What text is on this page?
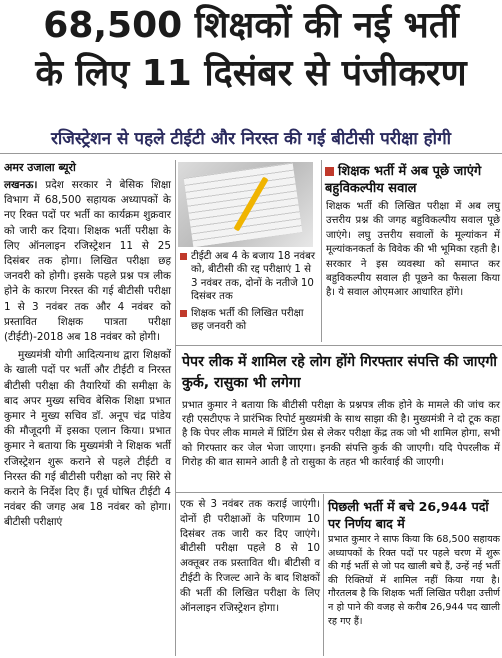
68,500 शिक्षकों की नई भर्ती
के लिए 11 दिसंबर से पंजीकरण
रजिस्ट्रेशन से पहले टीईटी और निरस्त की गई बीटीसी परीक्षा होगी
अमर उजाला ब्यूरो

लखनऊ। प्रदेश सरकार ने बेसिक शिक्षा विभाग में 68,500 सहायक अध्यापकों के नए रिक्त पदों पर भर्ती का कार्यक्रम शुक्रवार को जारी कर दिया। शिक्षक भर्ती परीक्षा के लिए ऑनलाइन रजिस्ट्रेशन 11 से 25 दिसंबर तक होगा। लिखित परीक्षा छह जनवरी को होगी। इसके पहले प्रश्न पत्र लीक होने के कारण निरस्त की गई बीटीसी परीक्षा 1 से 3 नवंबर तक और 4 नवंबर को प्रस्तावित शिक्षक पात्रता परीक्षा (टीईटी)-2018 अब 18 नवंबर को होगी।

मुख्यमंत्री योगी आदित्यनाथ द्वारा शिक्षकों के खाली पदों पर भर्ती और टीईटी व निरस्त बीटीसी परीक्षा की तैयारियों की समीक्षा के बाद अपर मुख्य सचिव बेसिक शिक्षा प्रभात कुमार ने मुख्य सचिव डॉ. अनूप चंद्र पांडेय की मौजूदगी में इसका एलान किया। प्रभात कुमार ने बताया कि मुख्यमंत्री ने शिक्षक भर्ती रजिस्ट्रेशन शुरू कराने से पहले टीईटी व निरस्त की गई बीटीसी परीक्षा को नए सिरे से कराने के निर्देश दिए हैं। पूर्व घोषित टीईटी 4 नवंबर की जगह अब 18 नवंबर को होगा। बीटीसी परीक्षाएं

टीईटी अब 4 के बजाय 18 नवंबर को, बीटीसी की रद्द परीक्षाएं 1 से 3 नवंबर तक, दोनों के नतीजे 10 दिसंबर तक
शिक्षक भर्ती की लिखित परीक्षा छह जनवरी को
शिक्षक भर्ती में अब पूछे जाएंगे बहुविकल्पीय सवाल
शिक्षक भर्ती की लिखित परीक्षा में अब लघु उत्तरीय प्रश्न की जगह बहुविकल्पीय सवाल पूछे जाएंगे। लघु उत्तरीय सवालों के मूल्यांकन में मूल्यांकनकर्ता के विवेक की भी भूमिका रहती है। सरकार ने इस व्यवस्था को समाप्त कर बहुविकल्पीय सवाल ही पूछने का फैसला किया है। ये सवाल ओएमआर आधारित होंगे।
पेपर लीक में शामिल रहे लोग होंगे गिरफ्तार संपत्ति की जाएगी कुर्क, रासुका भी लगेगा
प्रभात कुमार ने बताया कि बीटीसी परीक्षा के प्रश्नपत्र लीक होने के मामले की जांच कर रही एसटीएफ ने प्रारंभिक रिपोर्ट मुख्यमंत्री के साथ साझा की है। मुख्यमंत्री ने दो टूक कहा है कि पेपर लीक मामले में प्रिंटिंग प्रेस से लेकर परीक्षा केंद्र तक जो भी शामिल होगा, सभी को गिरफ्तार कर जेल भेजा जाएगा। इनकी संपत्ति कुर्क की जाएगी। यदि पेपरलीक में गिरोह की बात सामने आती है तो रासुका के तहत भी कार्रवाई की जाएगी।
एक से 3 नवंबर तक कराई जाएंगी। दोनों ही परीक्षाओं के परिणाम 10 दिसंबर तक जारी कर दिए जाएंगे। बीटीसी परीक्षा पहले 8 से 10 अक्तूबर तक प्रस्तावित थी। बीटीसी व टीईटी के रिजल्ट आने के बाद शिक्षकों की भर्ती की लिखित परीक्षा के लिए ऑनलाइन रजिस्ट्रेशन होगा।
पिछली भर्ती में बचे 26,944 पदों पर निर्णय बाद में
प्रभात कुमार ने साफ किया कि 68,500 सहायक अध्यापकों के रिक्त पदों पर पहले चरण में शुरू की गई भर्ती से जो पद खाली बचे हैं, उन्हें नई भर्ती की रिक्तियों में शामिल नहीं किया गया है। गौरतलब है कि शिक्षक भर्ती लिखित परीक्षा उत्तीर्ण न हो पाने की वजह से करीब 26,944 पद खाली रह गए हैं।
